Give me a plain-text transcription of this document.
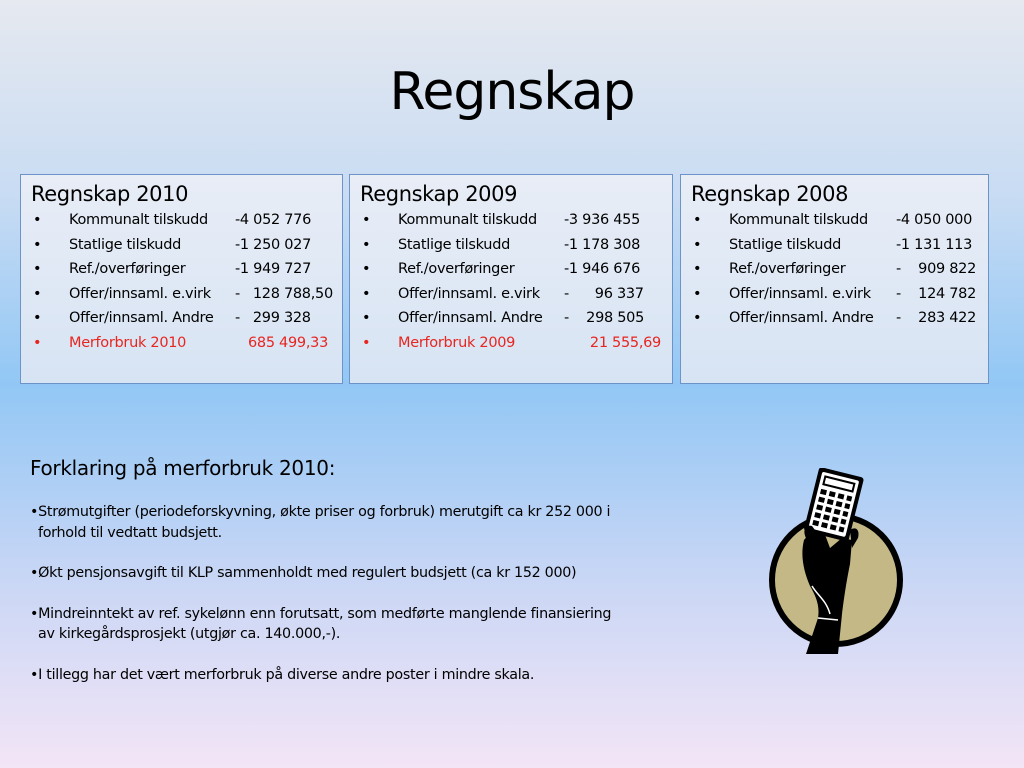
Regnskap
Regnskap 2010
• Kommunalt tilskudd -4 052 776
• Statlige tilskudd	-1 250 027
• Ref./overføringer	-1 949 727
• Offer/innsaml. e.virk -   128 788,50
• Offer/innsaml. Andre -   299 328
• Merforbruk 2010	685 499,33
Regnskap 2009
• Kommunalt tilskudd -3 936 455
• Statlige tilskudd	-1 178 308
• Ref./overføringer	-1 946 676
• Offer/innsaml. e.virk -      96 337
• Offer/innsaml. Andre -    298 505
• Merforbruk 2009	21 555,69
Regnskap 2008
• Kommunalt tilskudd -4 050 000
• Statlige tilskudd	-1 131 113
• Ref./overføringer	-    909 822
• Offer/innsaml. e.virk -    124 782
• Offer/innsaml. Andre -    283 422
Forklaring på merforbruk 2010:

•Strømutgifter (periodeforskyvning, økte priser og forbruk) merutgift ca kr 252 000 i
forhold til vedtatt budsjett.

•Økt pensjonsavgift til KLP sammenholdt med regulert budsjett (ca kr 152 000)

•Mindreinntekt av ref. sykelønn enn forutsatt, som medførte manglende finansiering
av kirkegårdsprosjekt (utgjør ca. 140.000,-).

•I tillegg har det vært merforbruk på diverse andre poster i mindre skala.
